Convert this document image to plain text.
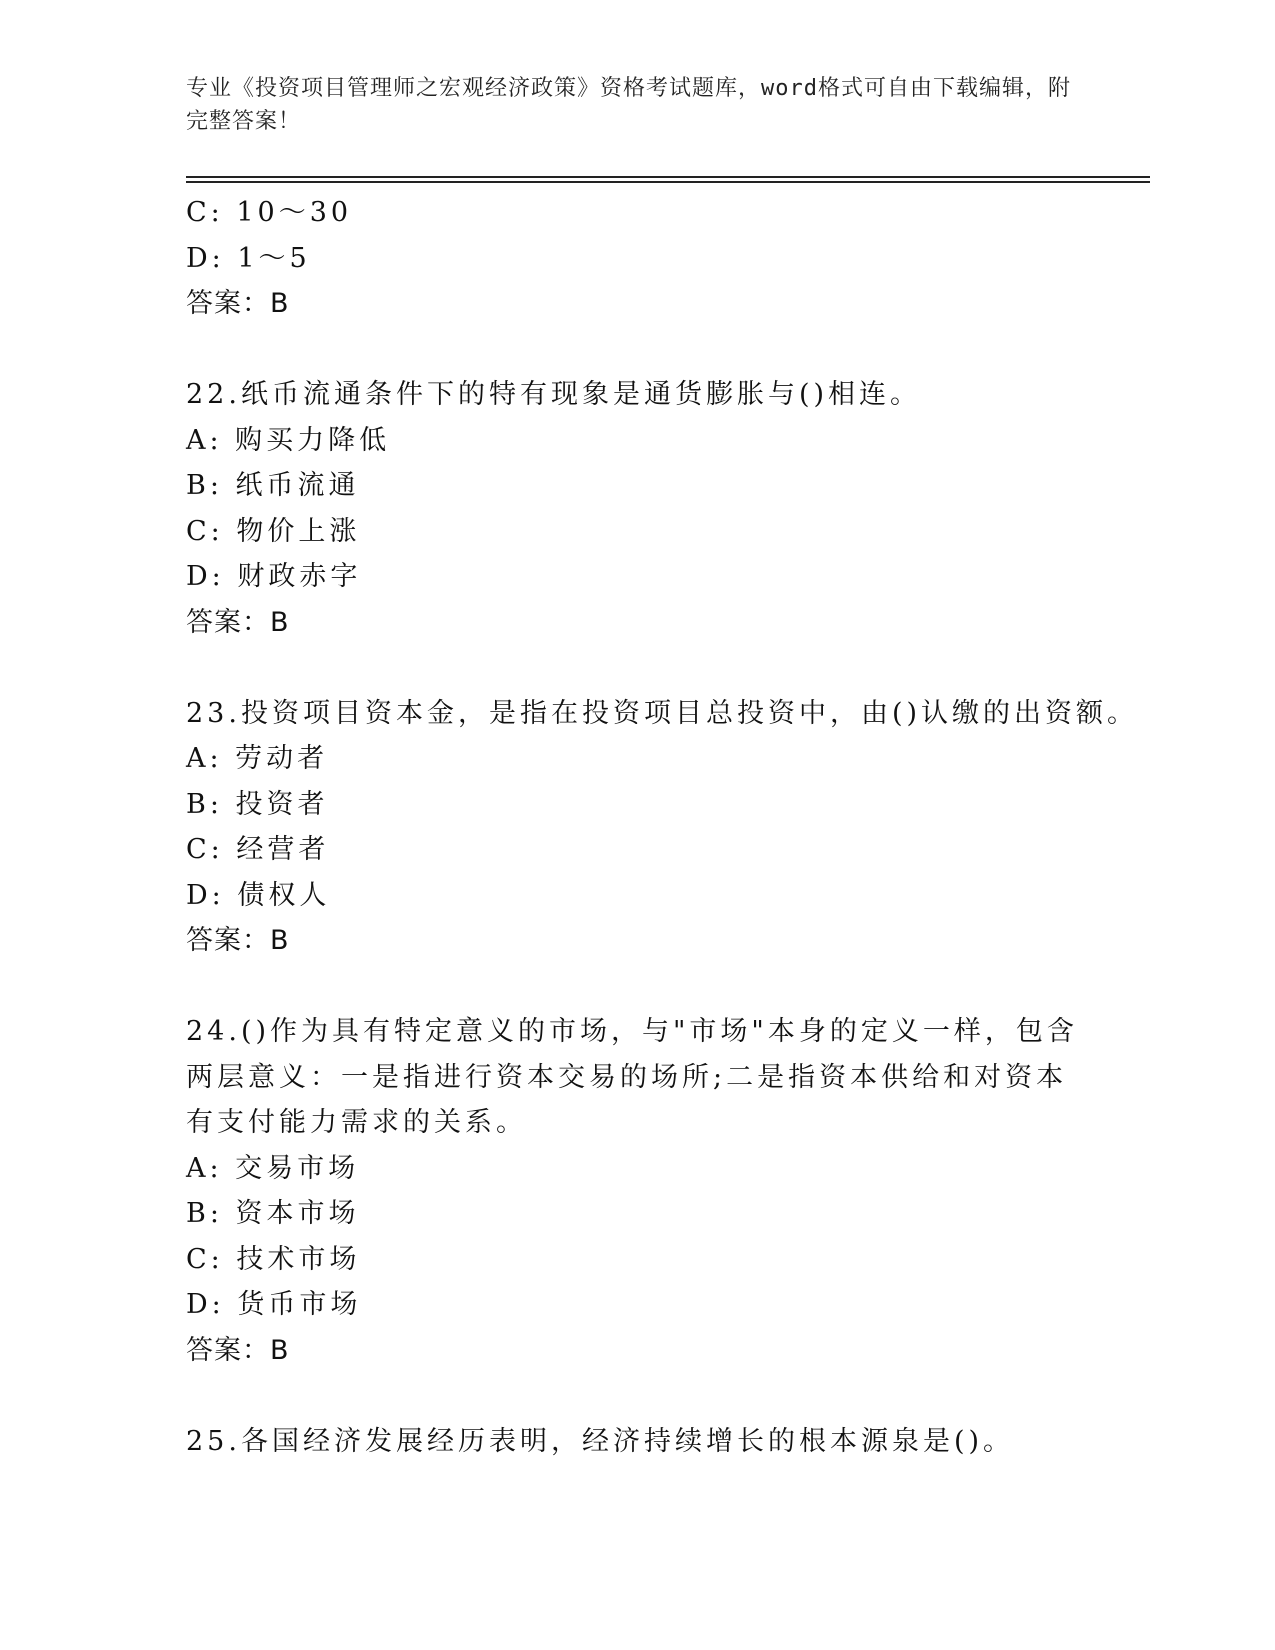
专业《投资项目管理师之宏观经济政策》资格考试题库，word格式可自由下载编辑，附完整答案！
C: 10～30
D: 1～5
答案：B
22.纸币流通条件下的特有现象是通货膨胀与()相连。
A: 购买力降低
B: 纸币流通
C: 物价上涨
D: 财政赤字
答案：B
23.投资项目资本金，是指在投资项目总投资中，由()认缴的出资额。
A: 劳动者
B: 投资者
C: 经营者
D: 债权人
答案：B
24.()作为具有特定意义的市场，与"市场"本身的定义一样，包含两层意义：一是指进行资本交易的场所;二是指资本供给和对资本有支付能力需求的关系。
A: 交易市场
B: 资本市场
C: 技术市场
D: 货币市场
答案：B
25.各国经济发展经历表明，经济持续增长的根本源泉是()。
